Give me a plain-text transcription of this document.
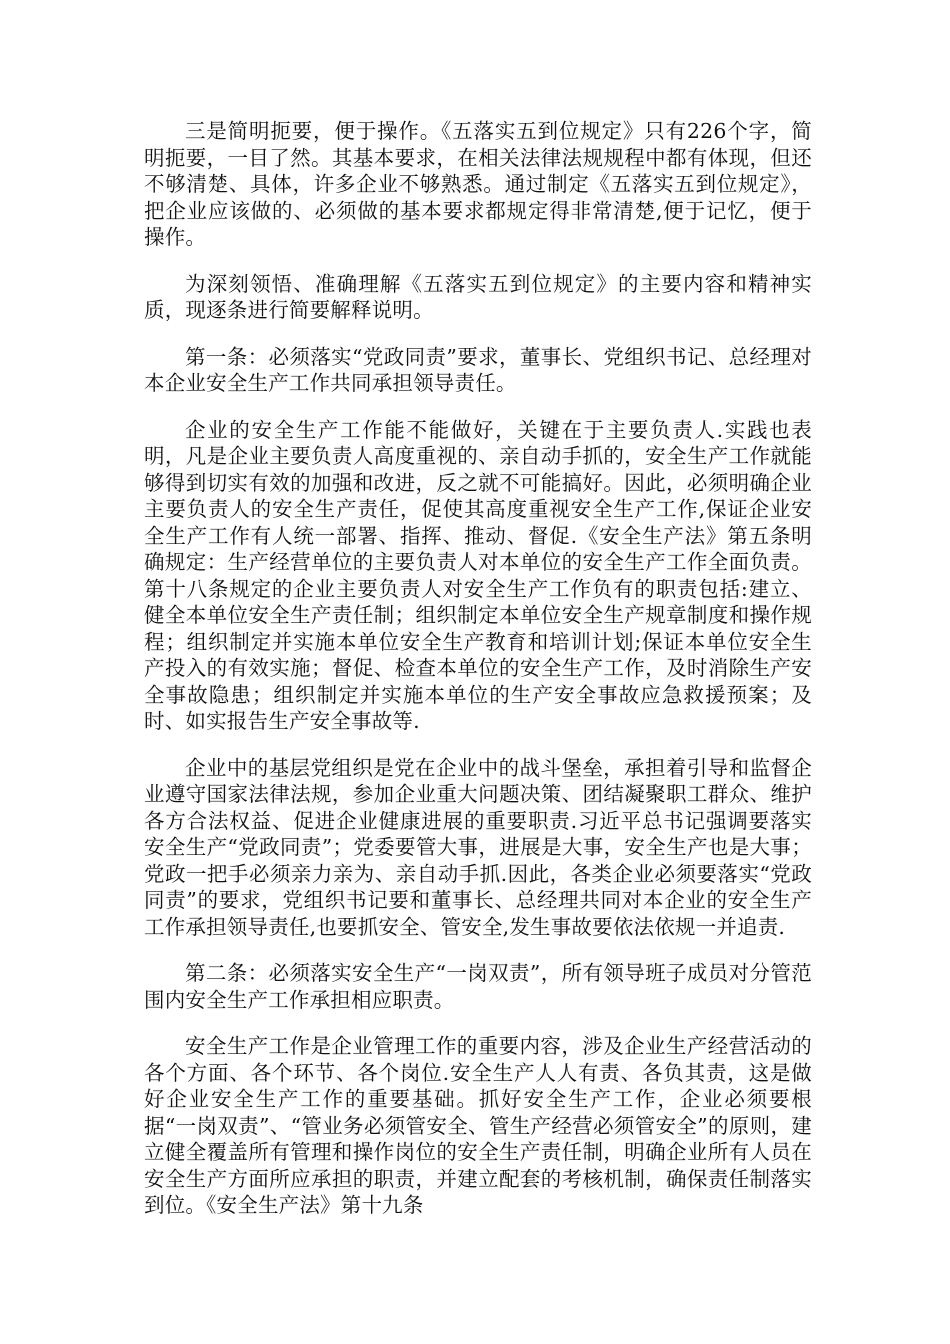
三是简明扼要，便于操作。《五落实五到位规定》只有226个字，简明扼要，一目了然。其基本要求，在相关法律法规规程中都有体现，但还不够清楚、具体，许多企业不够熟悉。通过制定《五落实五到位规定》，把企业应该做的、必须做的基本要求都规定得非常清楚,便于记忆，便于操作。

为深刻领悟、准确理解《五落实五到位规定》的主要内容和精神实质，现逐条进行简要解释说明。

第一条：必须落实“党政同责”要求，董事长、党组织书记、总经理对本企业安全生产工作共同承担领导责任。

企业的安全生产工作能不能做好，关键在于主要负责人.实践也表明，凡是企业主要负责人高度重视的、亲自动手抓的，安全生产工作就能够得到切实有效的加强和改进，反之就不可能搞好。因此，必须明确企业主要负责人的安全生产责任，促使其高度重视安全生产工作,保证企业安全生产工作有人统一部署、指挥、推动、督促.《安全生产法》第五条明确规定：生产经营单位的主要负责人对本单位的安全生产工作全面负责。第十八条规定的企业主要负责人对安全生产工作负有的职责包括:建立、健全本单位安全生产责任制；组织制定本单位安全生产规章制度和操作规程；组织制定并实施本单位安全生产教育和培训计划;保证本单位安全生产投入的有效实施；督促、检查本单位的安全生产工作，及时消除生产安全事故隐患；组织制定并实施本单位的生产安全事故应急救援预案；及时、如实报告生产安全事故等.

企业中的基层党组织是党在企业中的战斗堡垒，承担着引导和监督企业遵守国家法律法规，参加企业重大问题决策、团结凝聚职工群众、维护各方合法权益、促进企业健康进展的重要职责.习近平总书记强调要落实安全生产“党政同责”；党委要管大事，进展是大事，安全生产也是大事；党政一把手必须亲力亲为、亲自动手抓.因此，各类企业必须要落实“党政同责”的要求，党组织书记要和董事长、总经理共同对本企业的安全生产工作承担领导责任,也要抓安全、管安全,发生事故要依法依规一并追责.

第二条：必须落实安全生产“一岗双责”，所有领导班子成员对分管范围内安全生产工作承担相应职责。

安全生产工作是企业管理工作的重要内容，涉及企业生产经营活动的各个方面、各个环节、各个岗位.安全生产人人有责、各负其责，这是做好企业安全生产工作的重要基础。抓好安全生产工作，企业必须要根据“一岗双责”、“管业务必须管安全、管生产经营必须管安全”的原则，建立健全覆盖所有管理和操作岗位的安全生产责任制，明确企业所有人员在安全生产方面所应承担的职责，并建立配套的考核机制，确保责任制落实到位。《安全生产法》第十九条
